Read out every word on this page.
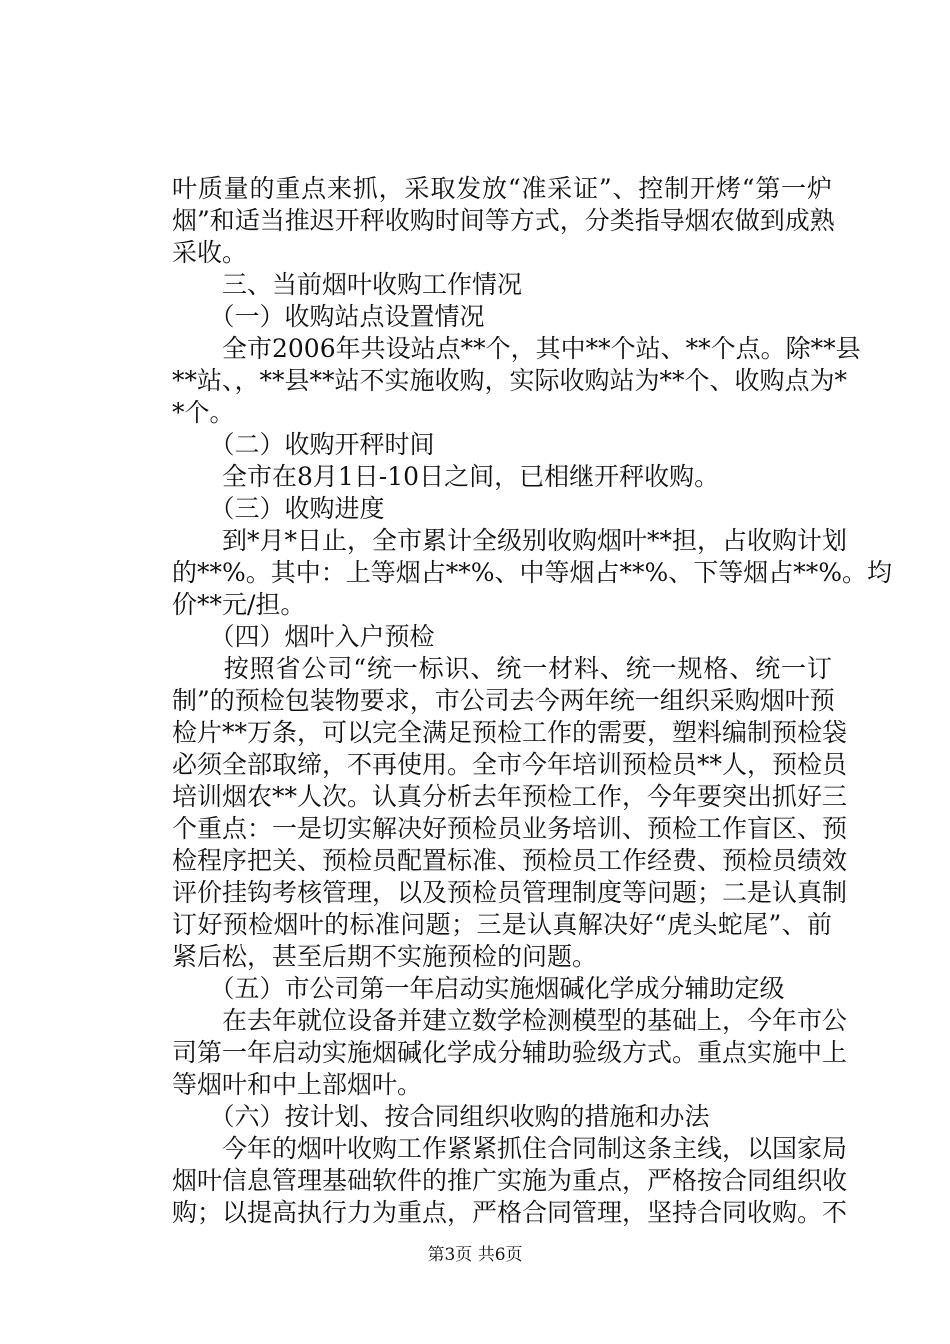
叶质量的重点来抓，采取发放“准采证”、控制开烤“第一炉
烟”和适当推迟开秤收购时间等方式，分类指导烟农做到成熟
采收。
　　三、当前烟叶收购工作情况
　　（一）收购站点设置情况
　　全市2006年共设站点**个，其中**个站、**个点。除**县
**站、，**县**站不实施收购，实际收购站为**个、收购点为*
*个。
　　（二）收购开秤时间
　　全市在8月1日-10日之间，已相继开秤收购。
　　（三）收购进度
　　到*月*日止，全市累计全级别收购烟叶**担，占收购计划
的**%。其中：上等烟占**%、中等烟占**%、下等烟占**%。均
价**元/担。
　　（四）烟叶入户预检
　　按照省公司“统一标识、统一材料、统一规格、统一订
制”的预检包装物要求，市公司去今两年统一组织采购烟叶预
检片**万条，可以完全满足预检工作的需要，塑料编制预检袋
必须全部取缔，不再使用。全市今年培训预检员**人，预检员
培训烟农**人次。认真分析去年预检工作，今年要突出抓好三
个重点：一是切实解决好预检员业务培训、预检工作盲区、预
检程序把关、预检员配置标准、预检员工作经费、预检员绩效
评价挂钩考核管理，以及预检员管理制度等问题；二是认真制
订好预检烟叶的标准问题；三是认真解决好“虎头蛇尾”、前
紧后松，甚至后期不实施预检的问题。
　　（五）市公司第一年启动实施烟碱化学成分辅助定级
　　在去年就位设备并建立数学检测模型的基础上，今年市公
司第一年启动实施烟碱化学成分辅助验级方式。重点实施中上
等烟叶和中上部烟叶。
　　（六）按计划、按合同组织收购的措施和办法
　　今年的烟叶收购工作紧紧抓住合同制这条主线，以国家局
烟叶信息管理基础软件的推广实施为重点，严格按合同组织收
购；以提高执行力为重点，严格合同管理，坚持合同收购。不
第3页 共6页
